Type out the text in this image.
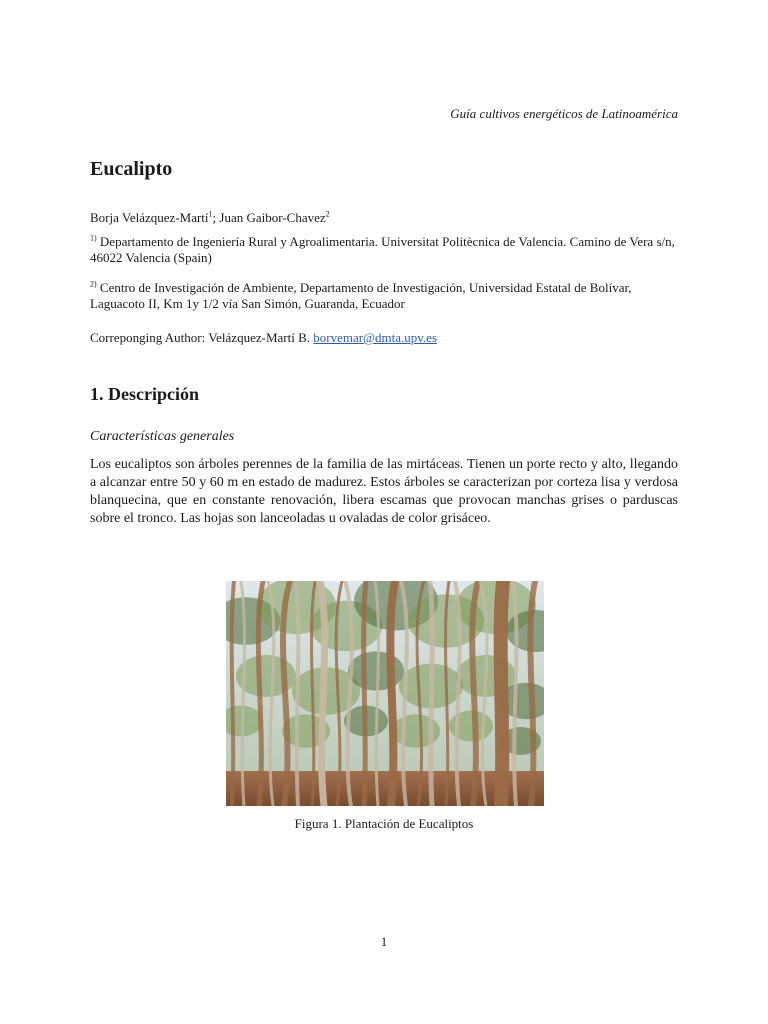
Guía cultivos energéticos de Latinoamérica
Eucalipto
Borja Velázquez-Martí$^1$; Juan Gaibor-Chavez$^2$
$^{1)}$ Departamento de Ingeniería Rural y Agroalimentaria. Universitat Politècnica de Valencia. Camino de Vera s/n, 46022 Valencia (Spain)
$^{2)}$ Centro de Investigación de Ambiente, Departamento de Investigación, Universidad Estatal de Bolívar, Laguacoto II, Km 1y 1/2 vía San Simón, Guaranda, Ecuador
Correponging Author: Velázquez-Martí B. borvemar@dmta.upv.es
1. Descripción
Características generales

Los eucaliptos son árboles perennes de la familia de las mirtáceas. Tienen un porte recto y alto, llegando a alcanzar entre 50 y 60 m en estado de madurez. Estos árboles se caracterizan por corteza lisa y verdosa blanquecina, que en constante renovación, libera escamas que provocan manchas grises o parduscas sobre el tronco. Las hojas son lanceoladas u ovaladas de color grisáceo.

Figura 1. Plantación de Eucaliptos
1
